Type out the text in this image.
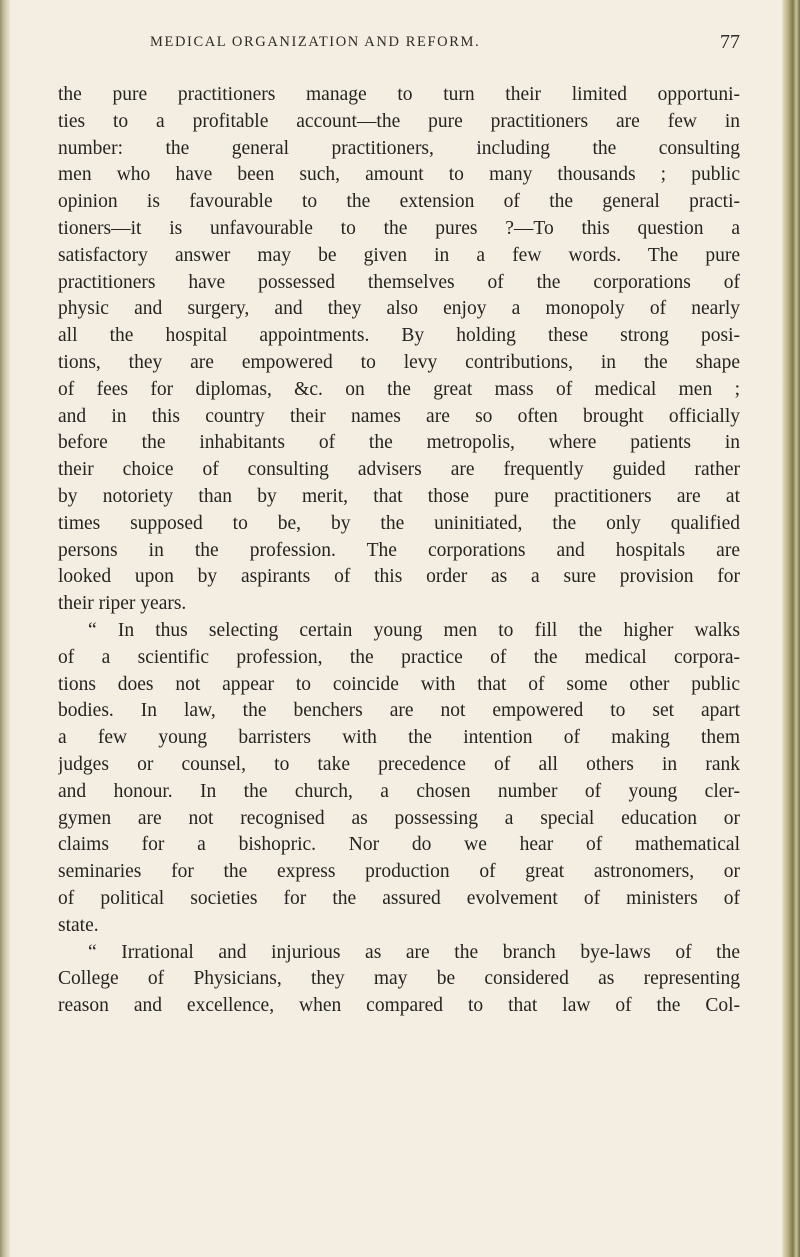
MEDICAL ORGANIZATION AND REFORM.	77
the pure practitioners manage to turn their limited opportuni-
ties to a profitable account—the pure practitioners are few in
number: the general practitioners, including the consulting
men who have been such, amount to many thousands ; public
opinion is favourable to the extension of the general practi-
tioners—it is unfavourable to the pures ?—To this question a
satisfactory answer may be given in a few words. The pure
practitioners have possessed themselves of the corporations of
physic and surgery, and they also enjoy a monopoly of nearly
all the hospital appointments. By holding these strong posi-
tions, they are empowered to levy contributions, in the shape
of fees for diplomas, &c. on the great mass of medical men ;
and in this country their names are so often brought officially
before the inhabitants of the metropolis, where patients in
their choice of consulting advisers are frequently guided rather
by notoriety than by merit, that those pure practitioners are at
times supposed to be, by the uninitiated, the only qualified
persons in the profession. The corporations and hospitals are
looked upon by aspirants of this order as a sure provision for
their riper years.
“ In thus selecting certain young men to fill the higher walks
of a scientific profession, the practice of the medical corpora-
tions does not appear to coincide with that of some other public
bodies. In law, the benchers are not empowered to set apart
a few young barristers with the intention of making them
judges or counsel, to take precedence of all others in rank
and honour. In the church, a chosen number of young cler-
gymen are not recognised as possessing a special education or
claims for a bishopric. Nor do we hear of mathematical
seminaries for the express production of great astronomers, or
of political societies for the assured evolvement of ministers of
state.
“ Irrational and injurious as are the branch bye-laws of the
College of Physicians, they may be considered as representing
reason and excellence, when compared to that law of the Col-
